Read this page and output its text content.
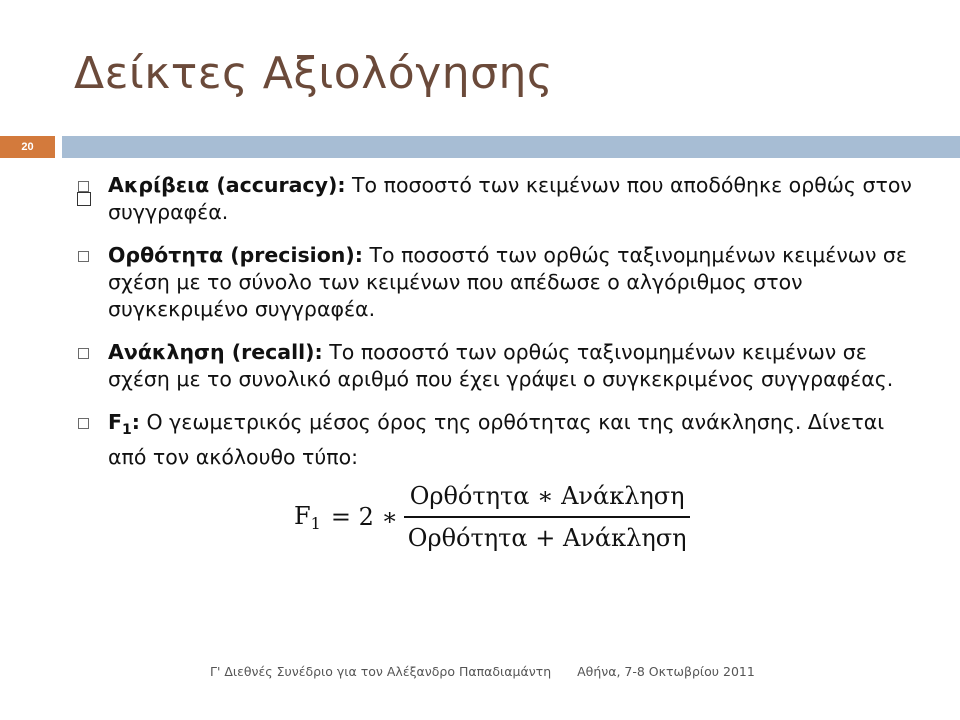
Δείκτες Αξιολόγησης
20
Ακρίβεια (accuracy): Το ποσοστό των κειμένων που αποδόθηκε ορθώς στον συγγραφέα.
Ορθότητα (precision): Το ποσοστό των ορθώς ταξινομημένων κειμένων σε σχέση με το σύνολο των κειμένων που απέδωσε ο αλγόριθμος στον συγκεκριμένο συγγραφέα.
Ανάκληση (recall): Το ποσοστό των ορθώς ταξινομημένων κειμένων σε σχέση με το συνολικό αριθμό που έχει γράψει ο συγκεκριμένος συγγραφέας.
$F_1$: Ο γεωμετρικός μέσος όρος της ορθότητας και της ανάκλησης. Δίνεται από τον ακόλουθο τύπο:
$F_1 = 2$ ∗ $\frac{\text{Ορθότητα ∗ Ανάκληση}}{\text{Ορθότητα + Ανάκληση}}$
Γ' Διεθνές Συνέδριο για τον Αλέξανδρο Παπαδιαμάντη Αθήνα, 7-8 Οκτωβρίου 2011
